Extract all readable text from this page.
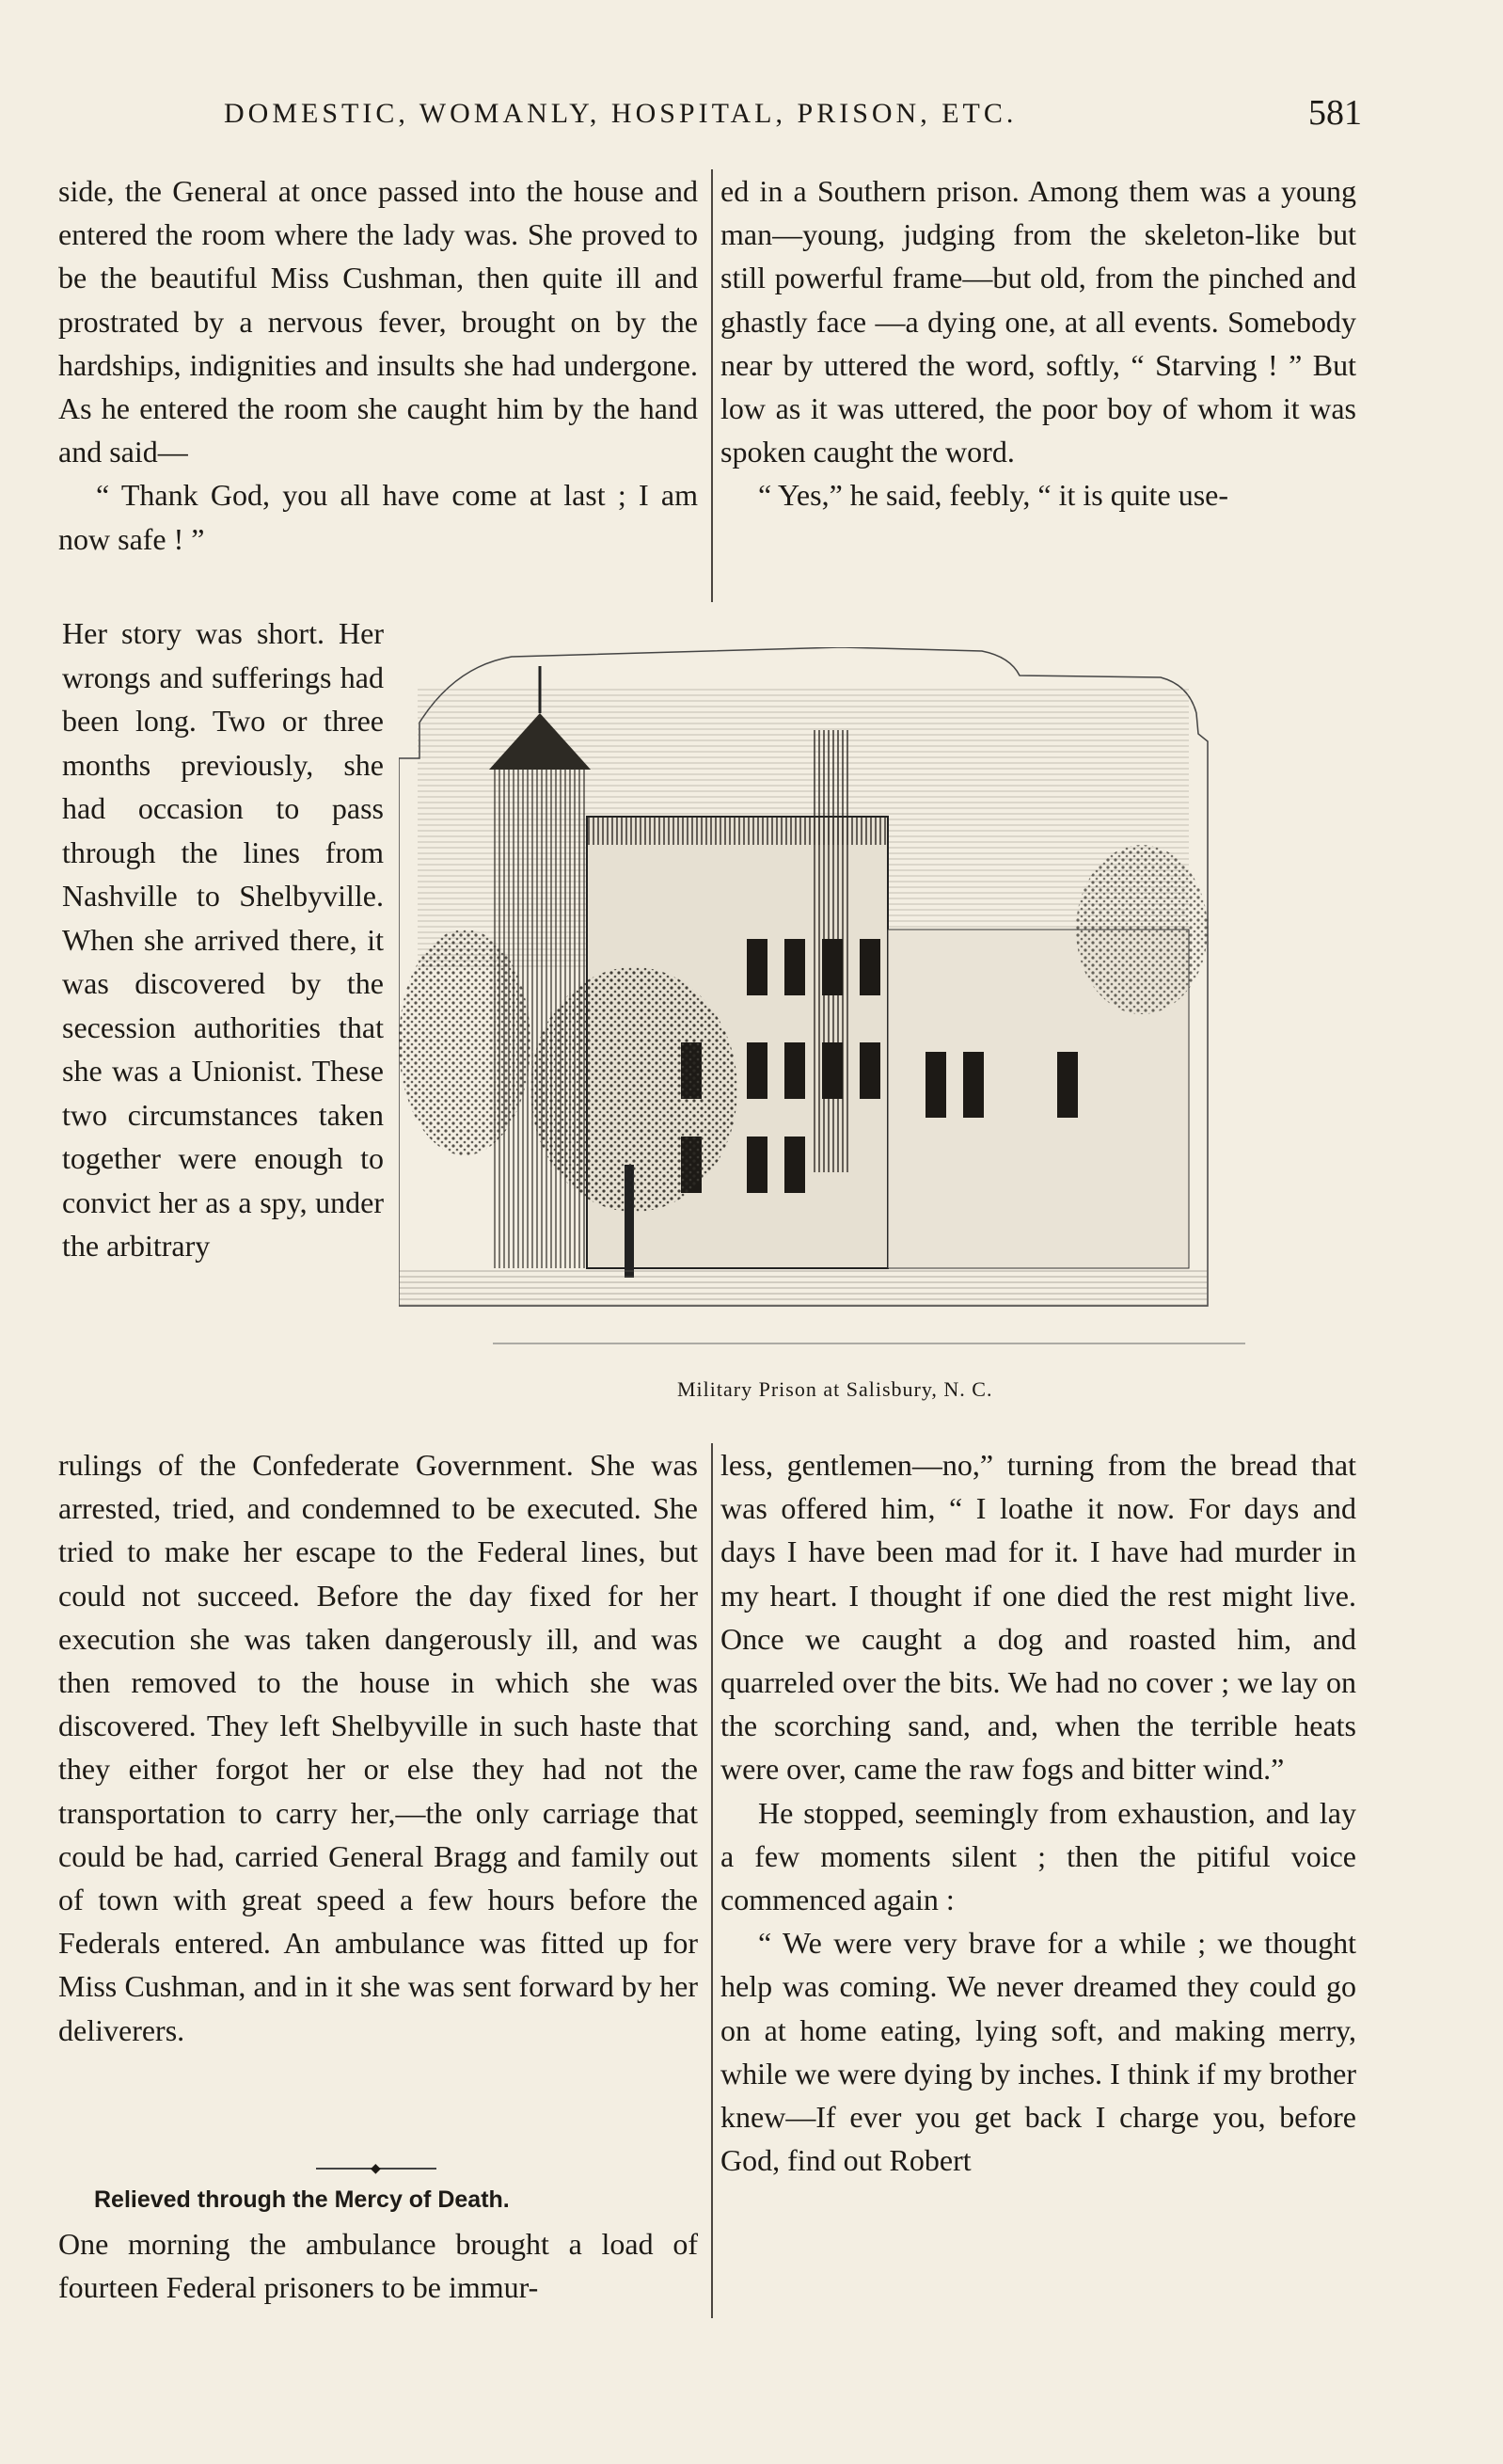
DOMESTIC, WOMANLY, HOSPITAL, PRISON, ETC.	581

side, the General at once passed into the house and entered the room where the lady was. She proved to be the beautiful Miss Cushman, then quite ill and prostrated by a nervous fever, brought on by the hardships, indignities and insults she had undergone. As he entered the room she caught him by the hand and said—

“ Thank God, you all have come at last ; I am now safe ! ”

Her story was short. Her wrongs and sufferings had been long. Two or three months previously, she had occasion to pass through the lines from Nashville to Shelbyville. When she arrived there, it was discovered by the secession authorities that she was a Unionist. These two circumstances taken together were enough to convict her as a spy, under the arbitrary

ed in a Southern prison. Among them was a young man—young, judging from the skeleton-like but still powerful frame—but old, from the pinched and ghastly face —a dying one, at all events. Somebody near by uttered the word, softly, “ Starving ! ” But low as it was uttered, the poor boy of whom it was spoken caught the word.

“ Yes,” he said, feebly, “ it is quite use-

Military Prison at Salisbury, N. C.

rulings of the Confederate Government. She was arrested, tried, and condemned to be executed. She tried to make her escape to the Federal lines, but could not succeed. Before the day fixed for her execution she was taken dangerously ill, and was then removed to the house in which she was discovered. They left Shelbyville in such haste that they either forgot her or else they had not the transportation to carry her,—the only carriage that could be had, carried General Bragg and family out of town with great speed a few hours before the Federals entered. An ambulance was fitted up for Miss Cushman, and in it she was sent forward by her deliverers.

◆
Relieved through the Mercy of Death.

One morning the ambulance brought a load of fourteen Federal prisoners to be immur-

less, gentlemen—no,” turning from the bread that was offered him, “ I loathe it now. For days and days I have been mad for it. I have had murder in my heart. I thought if one died the rest might live. Once we caught a dog and roasted him, and quarreled over the bits. We had no cover ; we lay on the scorching sand, and, when the terrible heats were over, came the raw fogs and bitter wind.”

He stopped, seemingly from exhaustion, and lay a few moments silent ; then the pitiful voice commenced again :

“ We were very brave for a while ; we thought help was coming. We never dreamed they could go on at home eating, lying soft, and making merry, while we were dying by inches. I think if my brother knew—If ever you get back I charge you, before God, find out Robert
